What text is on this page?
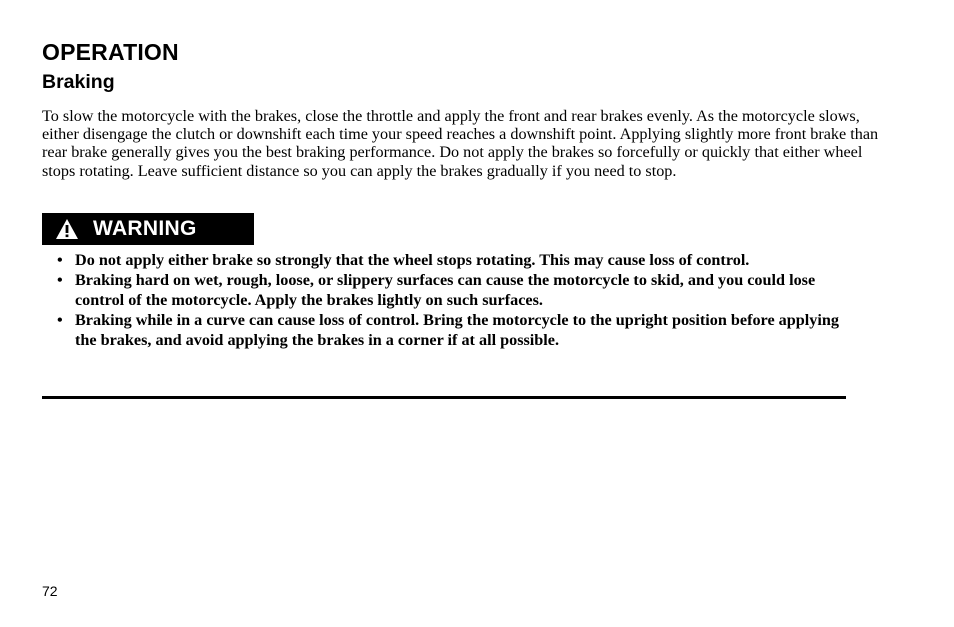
OPERATION
Braking

To slow the motorcycle with the brakes, close the throttle and apply the front and rear brakes evenly. As the motorcycle slows, either disengage the clutch or downshift each time your speed reaches a downshift point. Applying slightly more front brake than rear brake generally gives you the best braking performance. Do not apply the brakes so forcefully or quickly that either wheel stops rotating. Leave sufficient distance so you can apply the brakes gradually if you need to stop.

WARNING
• Do not apply either brake so strongly that the wheel stops rotating. This may cause loss of control.
• Braking hard on wet, rough, loose, or slippery surfaces can cause the motorcycle to skid, and you could lose control of the motorcycle. Apply the brakes lightly on such surfaces.
• Braking while in a curve can cause loss of control. Bring the motorcycle to the upright position before applying the brakes, and avoid applying the brakes in a corner if at all possible.

72
